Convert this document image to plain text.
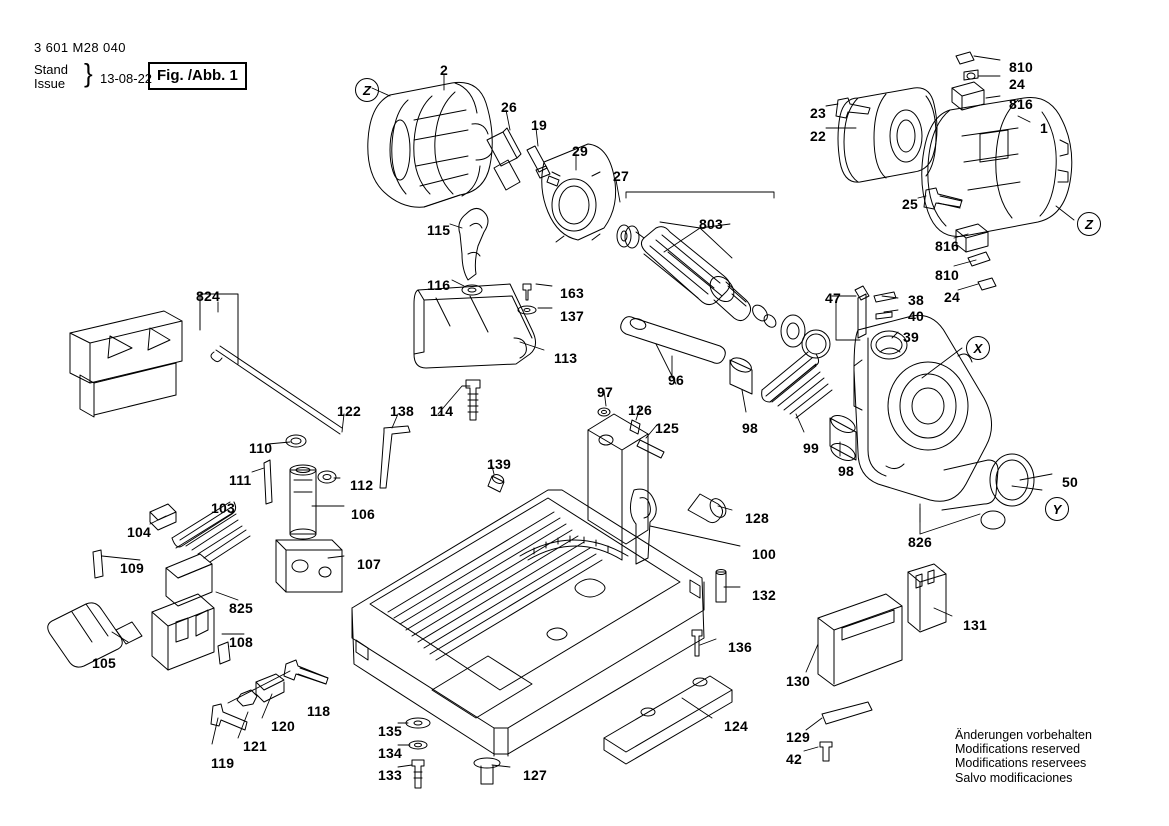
3 601 M28 040
Stand
Issue } 13-08-22 Fig. /Abb. 1
Änderungen vorbehalten
Modifications reserved
Modifications reservees
Salvo modificaciones
2
26
19
29
27
803
115
116	163
137
113
824
122 138 114
139
110
111	112
103	106
104
109	107
825
108
105
118
120
121
119
135
134
133	127
124
136
132
100
128
97
126
125
96
98
99
98
47	38
40
39
50
826
810
24
816
23
22	1
25
816
810
24
131
130
129
42
Z
Z
X
Y
